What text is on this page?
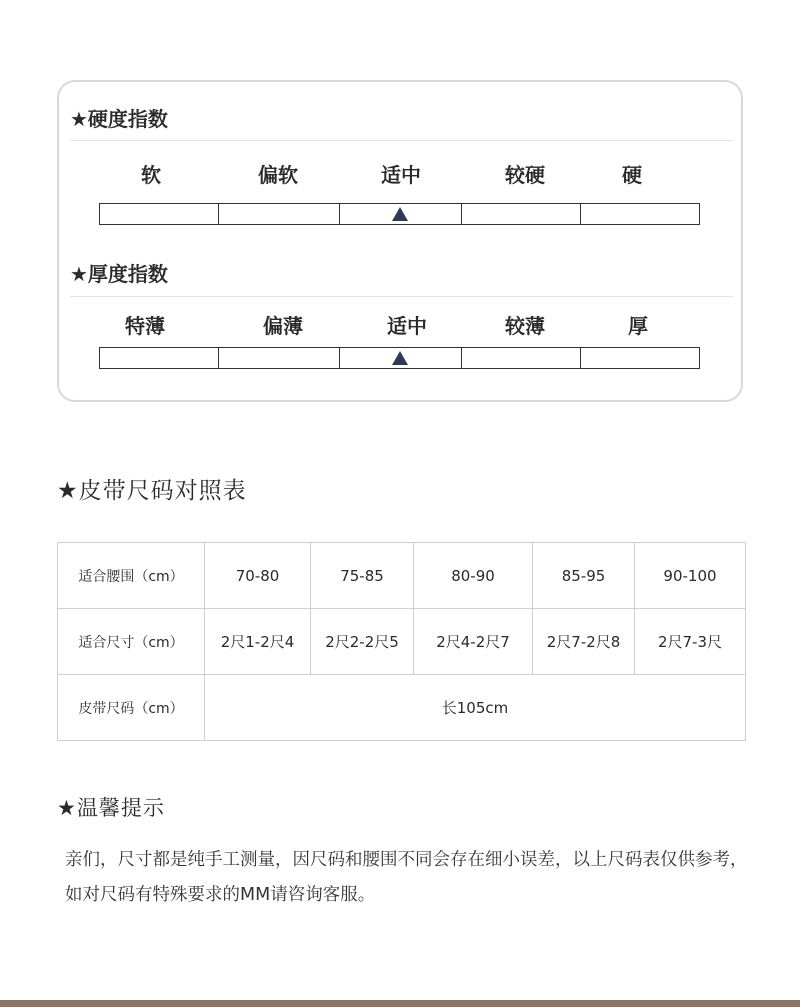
★硬度指数
软	偏软	适中	较硬	硬
★厚度指数
特薄	偏薄	适中	较薄	厚
★皮带尺码对照表
适合腰围（cm）	70-80	75-85	80-90	85-95	90-100
适合尺寸（cm）	2尺1-2尺4	2尺2-2尺5	2尺4-2尺7	2尺7-2尺8	2尺7-3尺
皮带尺码（cm）	长105cm				
★温馨提示
亲们，尺寸都是纯手工测量，因尺码和腰围不同会存在细小误差，以上尺码表仅供参考，如对尺码有特殊要求的MM请咨询客服。
